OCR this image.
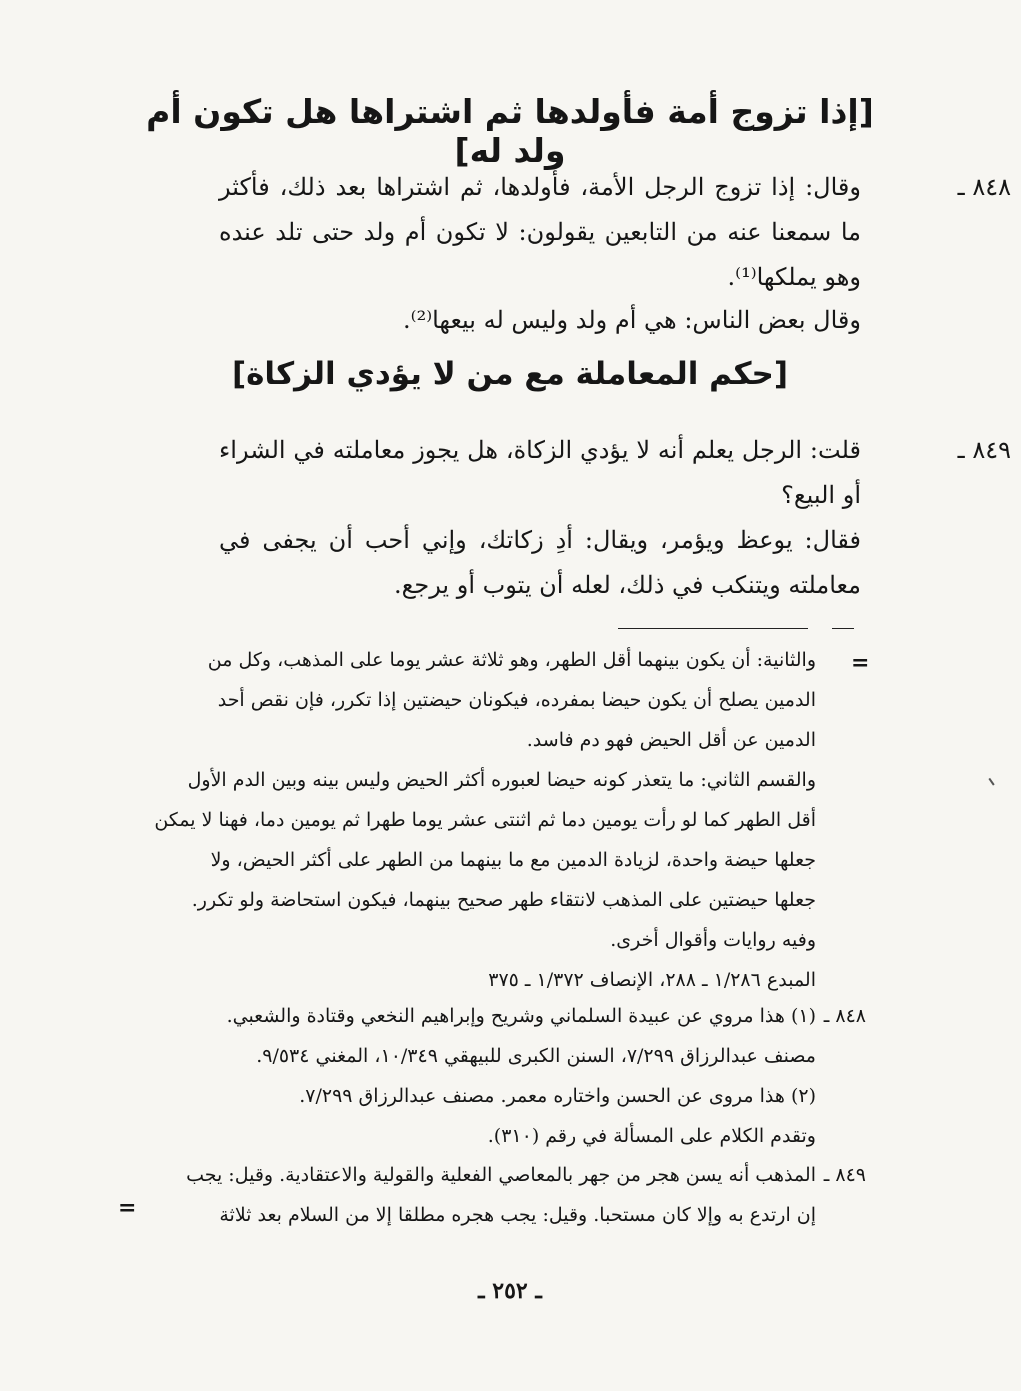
[إذا تزوج أمة فأولدها ثم اشتراها هل تكون أم ولد له]
٨٤٨ ـ

وقال: إذا تزوج الرجل الأمة، فأولدها، ثم اشتراها بعد ذلك، فأكثر ما سمعنا عنه من التابعين يقولون: لا تكون أم ولد حتى تلد عنده وهو يملكها⁽¹⁾.

وقال بعض الناس: هي أم ولد وليس له بيعها⁽²⁾.

[حكم المعاملة مع من لا يؤدي الزكاة]
٨٤٩ ـ

قلت: الرجل يعلم أنه لا يؤدي الزكاة، هل يجوز معاملته في الشراء أو البيع؟

فقال: يوعظ ويؤمر، ويقال: أدِ زكاتك، وإني أحب أن يجفى في معاملته ويتنكب في ذلك، لعله أن يتوب أو يرجع.

=
والثانية: أن يكون بينهما أقل الطهر، وهو ثلاثة عشر يوما على المذهب، وكل من
الدمين يصلح أن يكون حيضا بمفرده، فيكونان حيضتين إذا تكرر، فإن نقص أحد
الدمين عن أقل الحيض فهو دم فاسد.
والقسم الثاني: ما يتعذر كونه حيضا لعبوره أكثر الحيض وليس بينه وبين الدم الأول
أقل الطهر كما لو رأت يومين دما ثم اثنتى عشر يوما طهرا ثم يومين دما، فهنا لا يمكن
جعلها حيضة واحدة، لزيادة الدمين مع ما بينهما من الطهر على أكثر الحيض، ولا
جعلها حيضتين على المذهب لانتقاء طهر صحيح بينهما، فيكون استحاضة ولو تكرر.
وفيه روايات وأقوال أخرى.
المبدع ١/٢٨٦ ـ ٢٨٨، الإنصاف ١/٣٧٢ ـ ٣٧٥
٨٤٨ ـ
(١) هذا مروي عن عبيدة السلماني وشريح وإبراهيم النخعي وقتادة والشعبي.
مصنف عبدالرزاق ٧/٢٩٩، السنن الكبرى للبيهقي ١٠/٣٤٩، المغني ٩/٥٣٤.
(٢) هذا مروى عن الحسن واختاره معمر. مصنف عبدالرزاق ٧/٢٩٩.
وتقدم الكلام على المسألة في رقم (٣١٠).
٨٤٩ ـ
المذهب أنه يسن هجر من جهر بالمعاصي الفعلية والقولية والاعتقادية. وقيل: يجب
إن ارتدع به وإلا كان مستحبا. وقيل: يجب هجره مطلقا إلا من السلام بعد ثلاثة
=
ـ ٢٥٢ ـ
